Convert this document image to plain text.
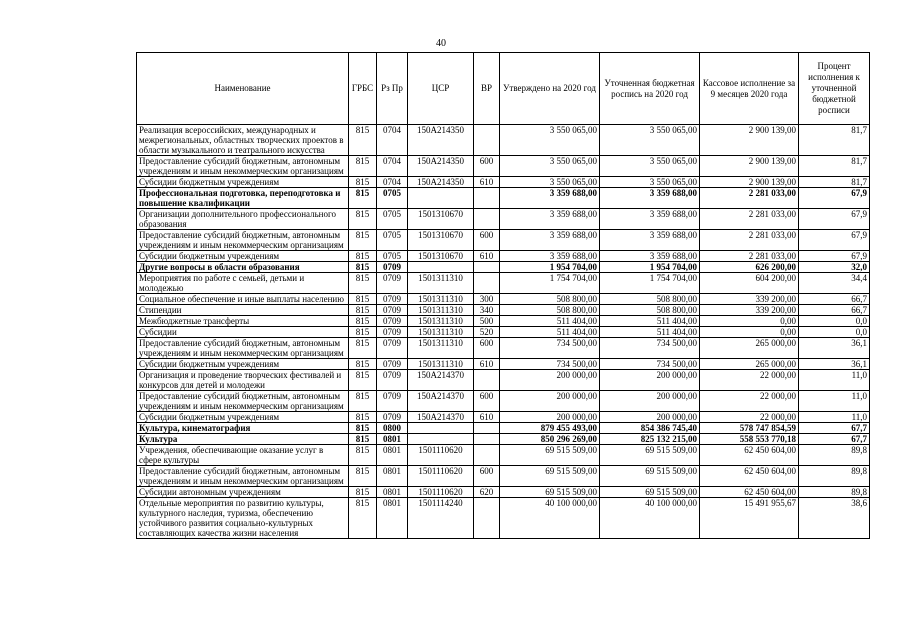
40
Наименование	ГРБС	Рз Пр	ЦСР	ВР	Утверждено на 2020 год	Уточненная бюджетная роспись на 2020 год	Кассовое исполнение за 9 месяцев 2020 года	Процент исполнения к уточненной бюджетной росписи
Реализация всероссийских, международных и межрегиональных, областных творческих проектов в области музыкального и театрального искусства	815	0704	150A214350		3 550 065,00	3 550 065,00	2 900 139,00	81,7
Предоставление субсидий бюджетным, автономным учреждениям и иным некоммерческим организациям	815	0704	150A214350	600	3 550 065,00	3 550 065,00	2 900 139,00	81,7
Субсидии бюджетным учреждениям	815	0704	150A214350	610	3 550 065,00	3 550 065,00	2 900 139,00	81,7
Профессиональная подготовка, переподготовка и повышение квалификации	815	0705			3 359 688,00	3 359 688,00	2 281 033,00	67,9
Организации дополнительного профессионального образования	815	0705	1501310670		3 359 688,00	3 359 688,00	2 281 033,00	67,9
Предоставление субсидий бюджетным, автономным учреждениям и иным некоммерческим организациям	815	0705	1501310670	600	3 359 688,00	3 359 688,00	2 281 033,00	67,9
Субсидии бюджетным учреждениям	815	0705	1501310670	610	3 359 688,00	3 359 688,00	2 281 033,00	67,9
Другие вопросы в области образования	815	0709			1 954 704,00	1 954 704,00	626 200,00	32,0
Мероприятия по работе с семьей, детьми и молодежью	815	0709	1501311310		1 754 704,00	1 754 704,00	604 200,00	34,4
Социальное обеспечение и иные выплаты населению	815	0709	1501311310	300	508 800,00	508 800,00	339 200,00	66,7
Стипендии	815	0709	1501311310	340	508 800,00	508 800,00	339 200,00	66,7
Межбюджетные трансферты	815	0709	1501311310	500	511 404,00	511 404,00	0,00	0,0
Субсидии	815	0709	1501311310	520	511 404,00	511 404,00	0,00	0,0
Предоставление субсидий бюджетным, автономным учреждениям и иным некоммерческим организациям	815	0709	1501311310	600	734 500,00	734 500,00	265 000,00	36,1
Субсидии бюджетным учреждениям	815	0709	1501311310	610	734 500,00	734 500,00	265 000,00	36,1
Организация и проведение творческих фестивалей и конкурсов для детей и молодежи	815	0709	150A214370		200 000,00	200 000,00	22 000,00	11,0
Предоставление субсидий бюджетным, автономным учреждениям и иным некоммерческим организациям	815	0709	150A214370	600	200 000,00	200 000,00	22 000,00	11,0
Субсидии бюджетным учреждениям	815	0709	150A214370	610	200 000,00	200 000,00	22 000,00	11,0
Культура, кинематография	815	0800			879 455 493,00	854 386 745,40	578 747 854,59	67,7
Культура	815	0801			850 296 269,00	825 132 215,00	558 553 770,18	67,7
Учреждения, обеспечивающие оказание услуг в сфере культуры	815	0801	1501110620		69 515 509,00	69 515 509,00	62 450 604,00	89,8
Предоставление субсидий бюджетным, автономным учреждениям и иным некоммерческим организациям	815	0801	1501110620	600	69 515 509,00	69 515 509,00	62 450 604,00	89,8
Субсидии автономным учреждениям	815	0801	1501110620	620	69 515 509,00	69 515 509,00	62 450 604,00	89,8
Отдельные мероприятия по развитию культуры, культурного наследия, туризма, обеспечению устойчивого развития социально-культурных составляющих качества жизни населения	815	0801	1501114240		40 100 000,00	40 100 000,00	15 491 955,67	38,6
